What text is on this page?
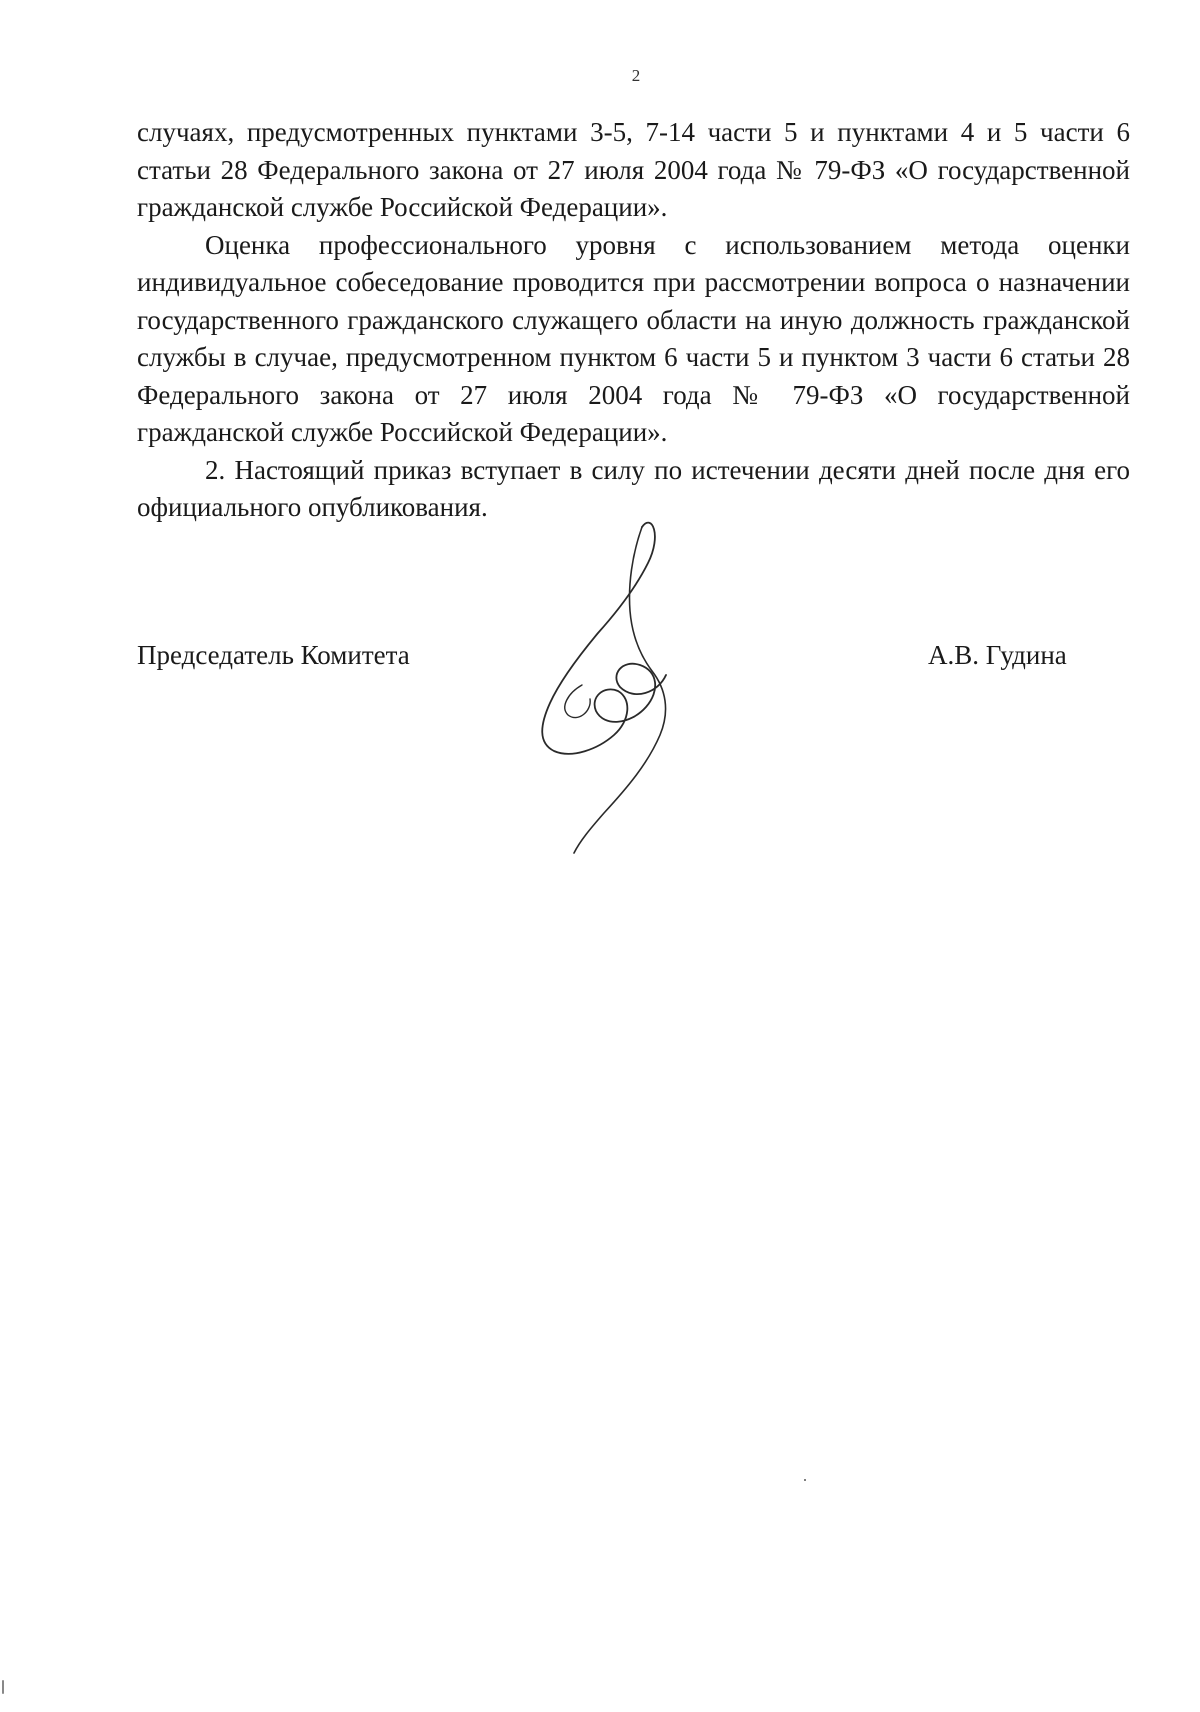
2

случаях, предусмотренных пунктами 3-5, 7-14 части 5 и пунктами 4 и 5 части 6 статьи 28 Федерального закона от 27 июля 2004 года № 79-ФЗ «О государственной гражданской службе Российской Федерации».

Оценка профессионального уровня с использованием метода оценки индивидуальное собеседование проводится при рассмотрении вопроса о назначении государственного гражданского служащего области на иную должность гражданской службы в случае, предусмотренном пунктом 6 части 5 и пунктом 3 части 6 статьи 28 Федерального закона от 27 июля 2004 года № 79-ФЗ «О государственной гражданской службе Российской Федерации».

2. Настоящий приказ вступает в силу по истечении десяти дней после дня его официального опубликования.

Председатель Комитета	А.В. Гудина
